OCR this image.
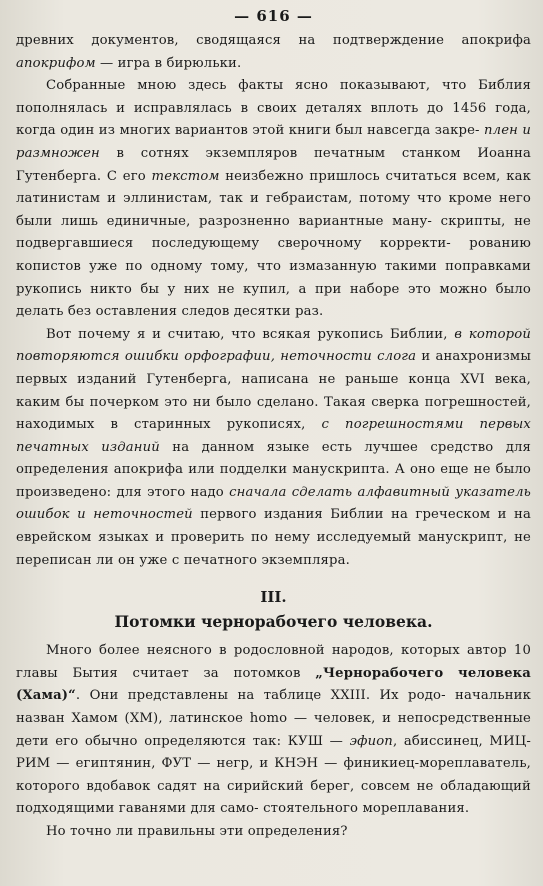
— 616 —

древних документов, сводящаяся на подтверждение апокрифа апокрифом — игра в бирюльки.

Собранные мною здесь факты ясно показывают, что Библия пополнялась и исправлялась в своих деталях вплоть до 1456 года, когда один из многих вариантов этой книги был навсегда закре- плен и размножен в сотнях экземпляров печатным станком Иоанна Гутенберга. С его текстом неизбежно пришлось считаться всем, как латинистам и эллинистам, так и гебраистам, потому что кроме него были лишь единичные, разрозненно вариантные ману- скрипты, не подвергавшиеся последующему сверочному корректи- рованию копистов уже по одному тому, что измазанную такими поправками рукопись никто бы у них не купил, а при наборе это можно было делать без оставления следов десятки раз.

Вот почему я и считаю, что всякая рукопись Библии, в которой повторяются ошибки орфографии, неточности слога и анахронизмы первых изданий Гутенберга, написана не раньше конца XVI века, каким бы почерком это ни было сделано. Такая сверка погрешностей, находимых в старинных рукописях, с погрешностями первых печатных изданий на данном языке есть лучшее средство для определения апокрифа или подделки манускрипта. А оно еще не было произведено: для этого надо сначала сделать алфавитный указатель ошибок и неточностей первого издания Библии на греческом и на еврейском языках и проверить по нему исследуемый манускрипт, не переписан ли он уже с печатного экземпляра.

III.
Потомки чернорабочего человека.

Много более неясного в родословной народов, которых автор 10 главы Бытия считает за потомков „Чернорабочего человека (Хама)“. Они представлены на таблице XXIII. Их родо- начальник назван Хамом (ХМ), латинское homo — человек, и непосредственные дети его обычно определяются так: КУШ — эфиоп, абиссинец, МИЦ-РИМ — египтянин, ФУТ — негр, и КНЭН — финикиец-мореплаватель, которого вдобавок садят на сирийский берег, совсем не обладающий подходящими гаванями для само- стоятельного мореплавания.

Но точно ли правильны эти определения?
